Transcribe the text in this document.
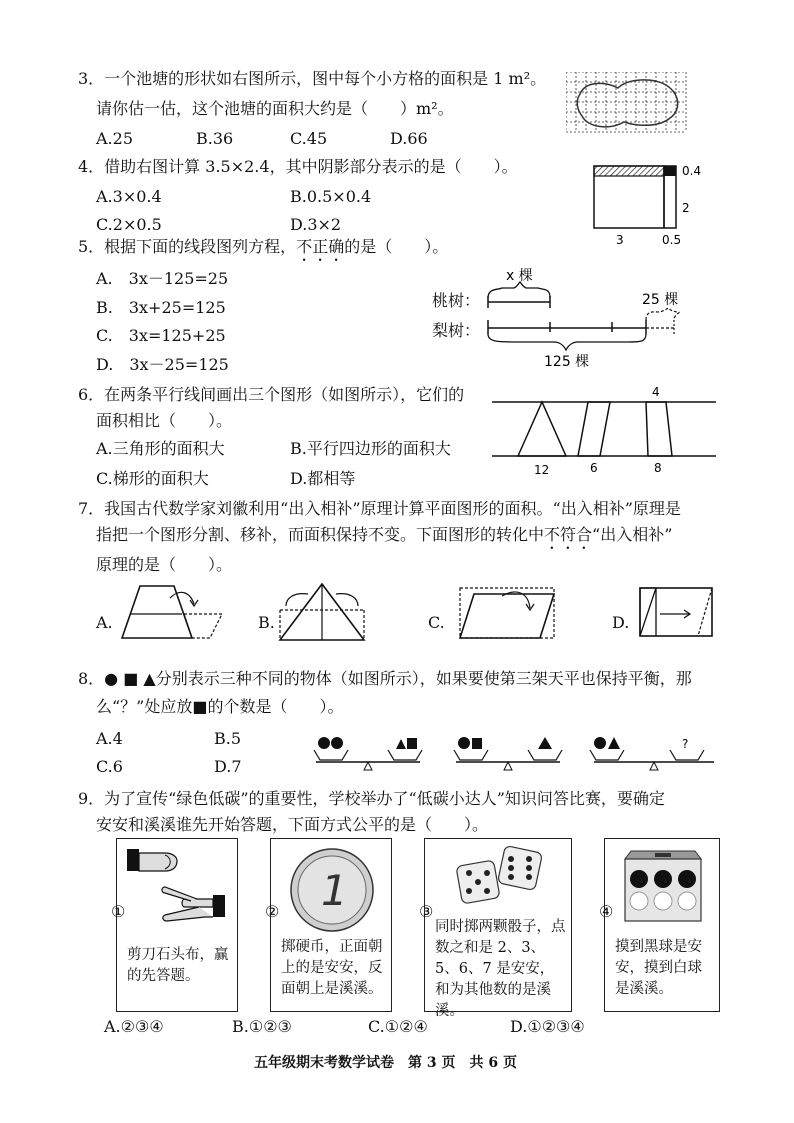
3．一个池塘的形状如右图所示，图中每个小方格的面积是 1 m²。
请你估一估，这个池塘的面积大约是（　　）m²。
A.25	B.36	C.45	D.66
4．借助右图计算 3.5×2.4，其中阴影部分表示的是（　　）。
A.3×0.4	B.0.5×0.4
C.2×0.5	D.3×2
0.4
2
3	0.5
5．根据下面的线段图列方程，不正确的是（　　）。
A.　3x－125=25
B.　3x+25=125
C.　3x=125+25
D.　3x－25=125
桃树：
梨树：
x 棵
25 棵
125 棵
6．在两条平行线间画出三个图形（如图所示），它们的
面积相比（　　）。
A.三角形的面积大	B.平行四边形的面积大
C.梯形的面积大	D.都相等
4
12	6	8
7．我国古代数学家刘徽利用“出入相补”原理计算平面图形的面积。“出入相补”原理是
指把一个图形分割、移补，而面积保持不变。下面图形的转化中不符合“出入相补”
原理的是（　　）。
A.	B.	C.	D.
8．● ■ ▲分别表示三种不同的物体（如图所示），如果要使第三架天平也保持平衡，那
么“？”处应放■的个数是（　　）。
A.4	B.5
C.6	D.7
?
9．为了宣传“绿色低碳”的重要性，学校举办了“低碳小达人”知识问答比赛，要确定
安安和溪溪谁先开始答题，下面方式公平的是（　　）。
①
剪刀石头布，赢的先答题。
1
②
掷硬币，正面朝上的是安安，反面朝上是溪溪。
③
同时掷两颗骰子，点数之和是 2、3、5、6、7 是安安，和为其他数的是溪溪。
④
摸到黑球是安安，摸到白球是溪溪。
A.②③④	B.①②③	C.①②④	D.①②③④
五年级期末考数学试卷　第 3 页　共 6 页
